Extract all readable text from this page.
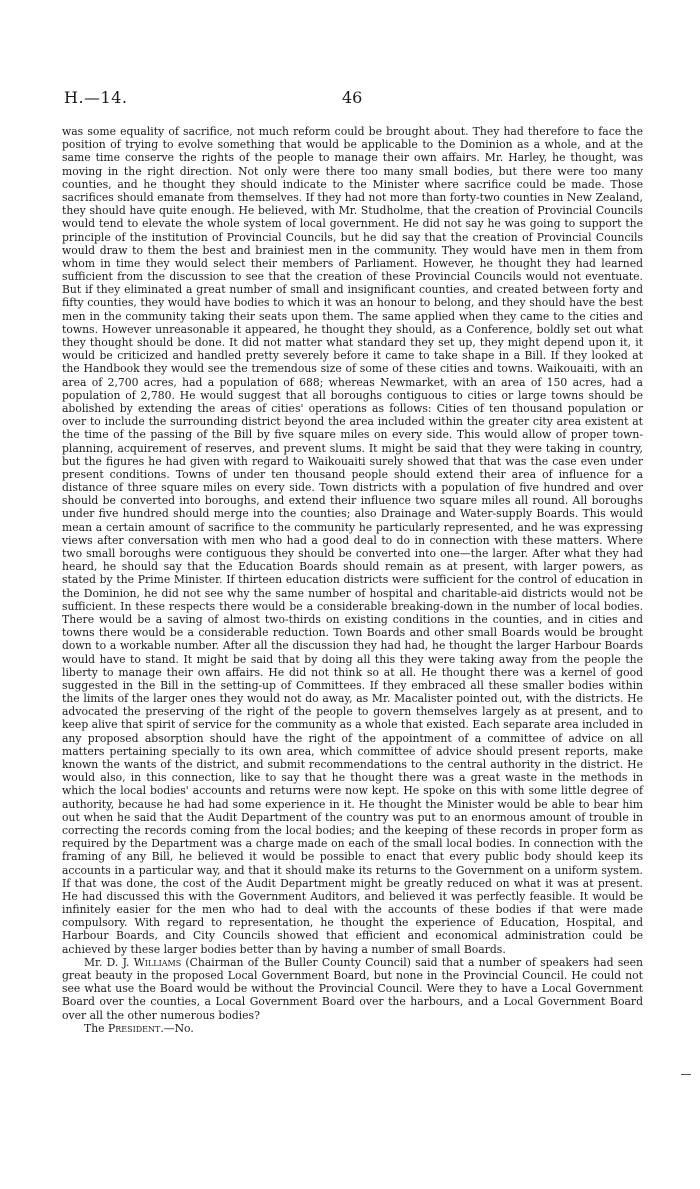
H.—14.	46

was some equality of sacrifice, not much reform could be brought about. They had therefore to face the position of trying to evolve something that would be applicable to the Dominion as a whole, and at the same time conserve the rights of the people to manage their own affairs. Mr. Harley, he thought, was moving in the right direction. Not only were there too many small bodies, but there were too many counties, and he thought they should indicate to the Minister where sacrifice could be made. Those sacrifices should emanate from themselves. If they had not more than forty-two counties in New Zealand, they should have quite enough. He believed, with Mr. Studholme, that the creation of Provincial Councils would tend to elevate the whole system of local government. He did not say he was going to support the principle of the institution of Provincial Councils, but he did say that the creation of Provincial Councils would draw to them the best and brainiest men in the community. They would have men in them from whom in time they would select their members of Parliament. However, he thought they had learned sufficient from the discussion to see that the creation of these Provincial Councils would not eventuate. But if they eliminated a great number of small and insignificant counties, and created between forty and fifty counties, they would have bodies to which it was an honour to belong, and they should have the best men in the community taking their seats upon them. The same applied when they came to the cities and towns. However unreasonable it appeared, he thought they should, as a Conference, boldly set out what they thought should be done. It did not matter what standard they set up, they might depend upon it, it would be criticized and handled pretty severely before it came to take shape in a Bill. If they looked at the Handbook they would see the tremendous size of some of these cities and towns. Waikouaiti, with an area of 2,700 acres, had a population of 688; whereas Newmarket, with an area of 150 acres, had a population of 2,780. He would suggest that all boroughs contiguous to cities or large towns should be abolished by extending the areas of cities' operations as follows: Cities of ten thousand population or over to include the surrounding district beyond the area included within the greater city area existent at the time of the passing of the Bill by five square miles on every side. This would allow of proper town-planning, acquirement of reserves, and prevent slums. It might be said that they were taking in country, but the figures he had given with regard to Waikouaiti surely showed that that was the case even under present conditions. Towns of under ten thousand people should extend their area of influence for a distance of three square miles on every side. Town districts with a population of five hundred and over should be converted into boroughs, and extend their influence two square miles all round. All boroughs under five hundred should merge into the counties; also Drainage and Water-supply Boards. This would mean a certain amount of sacrifice to the community he particularly represented, and he was expressing views after conversation with men who had a good deal to do in connection with these matters. Where two small boroughs were contiguous they should be converted into one—the larger. After what they had heard, he should say that the Education Boards should remain as at present, with larger powers, as stated by the Prime Minister. If thirteen education districts were sufficient for the control of education in the Dominion, he did not see why the same number of hospital and charitable-aid districts would not be sufficient. In these respects there would be a considerable breaking-down in the number of local bodies. There would be a saving of almost two-thirds on existing conditions in the counties, and in cities and towns there would be a considerable reduction. Town Boards and other small Boards would be brought down to a workable number. After all the discussion they had had, he thought the larger Harbour Boards would have to stand. It might be said that by doing all this they were taking away from the people the liberty to manage their own affairs. He did not think so at all. He thought there was a kernel of good suggested in the Bill in the setting-up of Committees. If they embraced all these smaller bodies within the limits of the larger ones they would not do away, as Mr. Macalister pointed out, with the districts. He advocated the preserving of the right of the people to govern themselves largely as at present, and to keep alive that spirit of service for the community as a whole that existed. Each separate area included in any proposed absorption should have the right of the appointment of a committee of advice on all matters pertaining specially to its own area, which committee of advice should present reports, make known the wants of the district, and submit recommendations to the central authority in the district. He would also, in this connection, like to say that he thought there was a great waste in the methods in which the local bodies' accounts and returns were now kept. He spoke on this with some little degree of authority, because he had had some experience in it. He thought the Minister would be able to bear him out when he said that the Audit Department of the country was put to an enormous amount of trouble in correcting the records coming from the local bodies; and the keeping of these records in proper form as required by the Department was a charge made on each of the small local bodies. In connection with the framing of any Bill, he believed it would be possible to enact that every public body should keep its accounts in a particular way, and that it should make its returns to the Government on a uniform system. If that was done, the cost of the Audit Department might be greatly reduced on what it was at present. He had discussed this with the Government Auditors, and believed it was perfectly feasible. It would be infinitely easier for the men who had to deal with the accounts of these bodies if that were made compulsory. With regard to representation, he thought the experience of Education, Hospital, and Harbour Boards, and City Councils showed that efficient and economical administration could be achieved by these larger bodies better than by having a number of small Boards.

Mr. D. J. Williams (Chairman of the Buller County Council) said that a number of speakers had seen great beauty in the proposed Local Government Board, but none in the Provincial Council. He could not see what use the Board would be without the Provincial Council. Were they to have a Local Government Board over the counties, a Local Government Board over the harbours, and a Local Government Board over all the other numerous bodies?

The President.—No.
